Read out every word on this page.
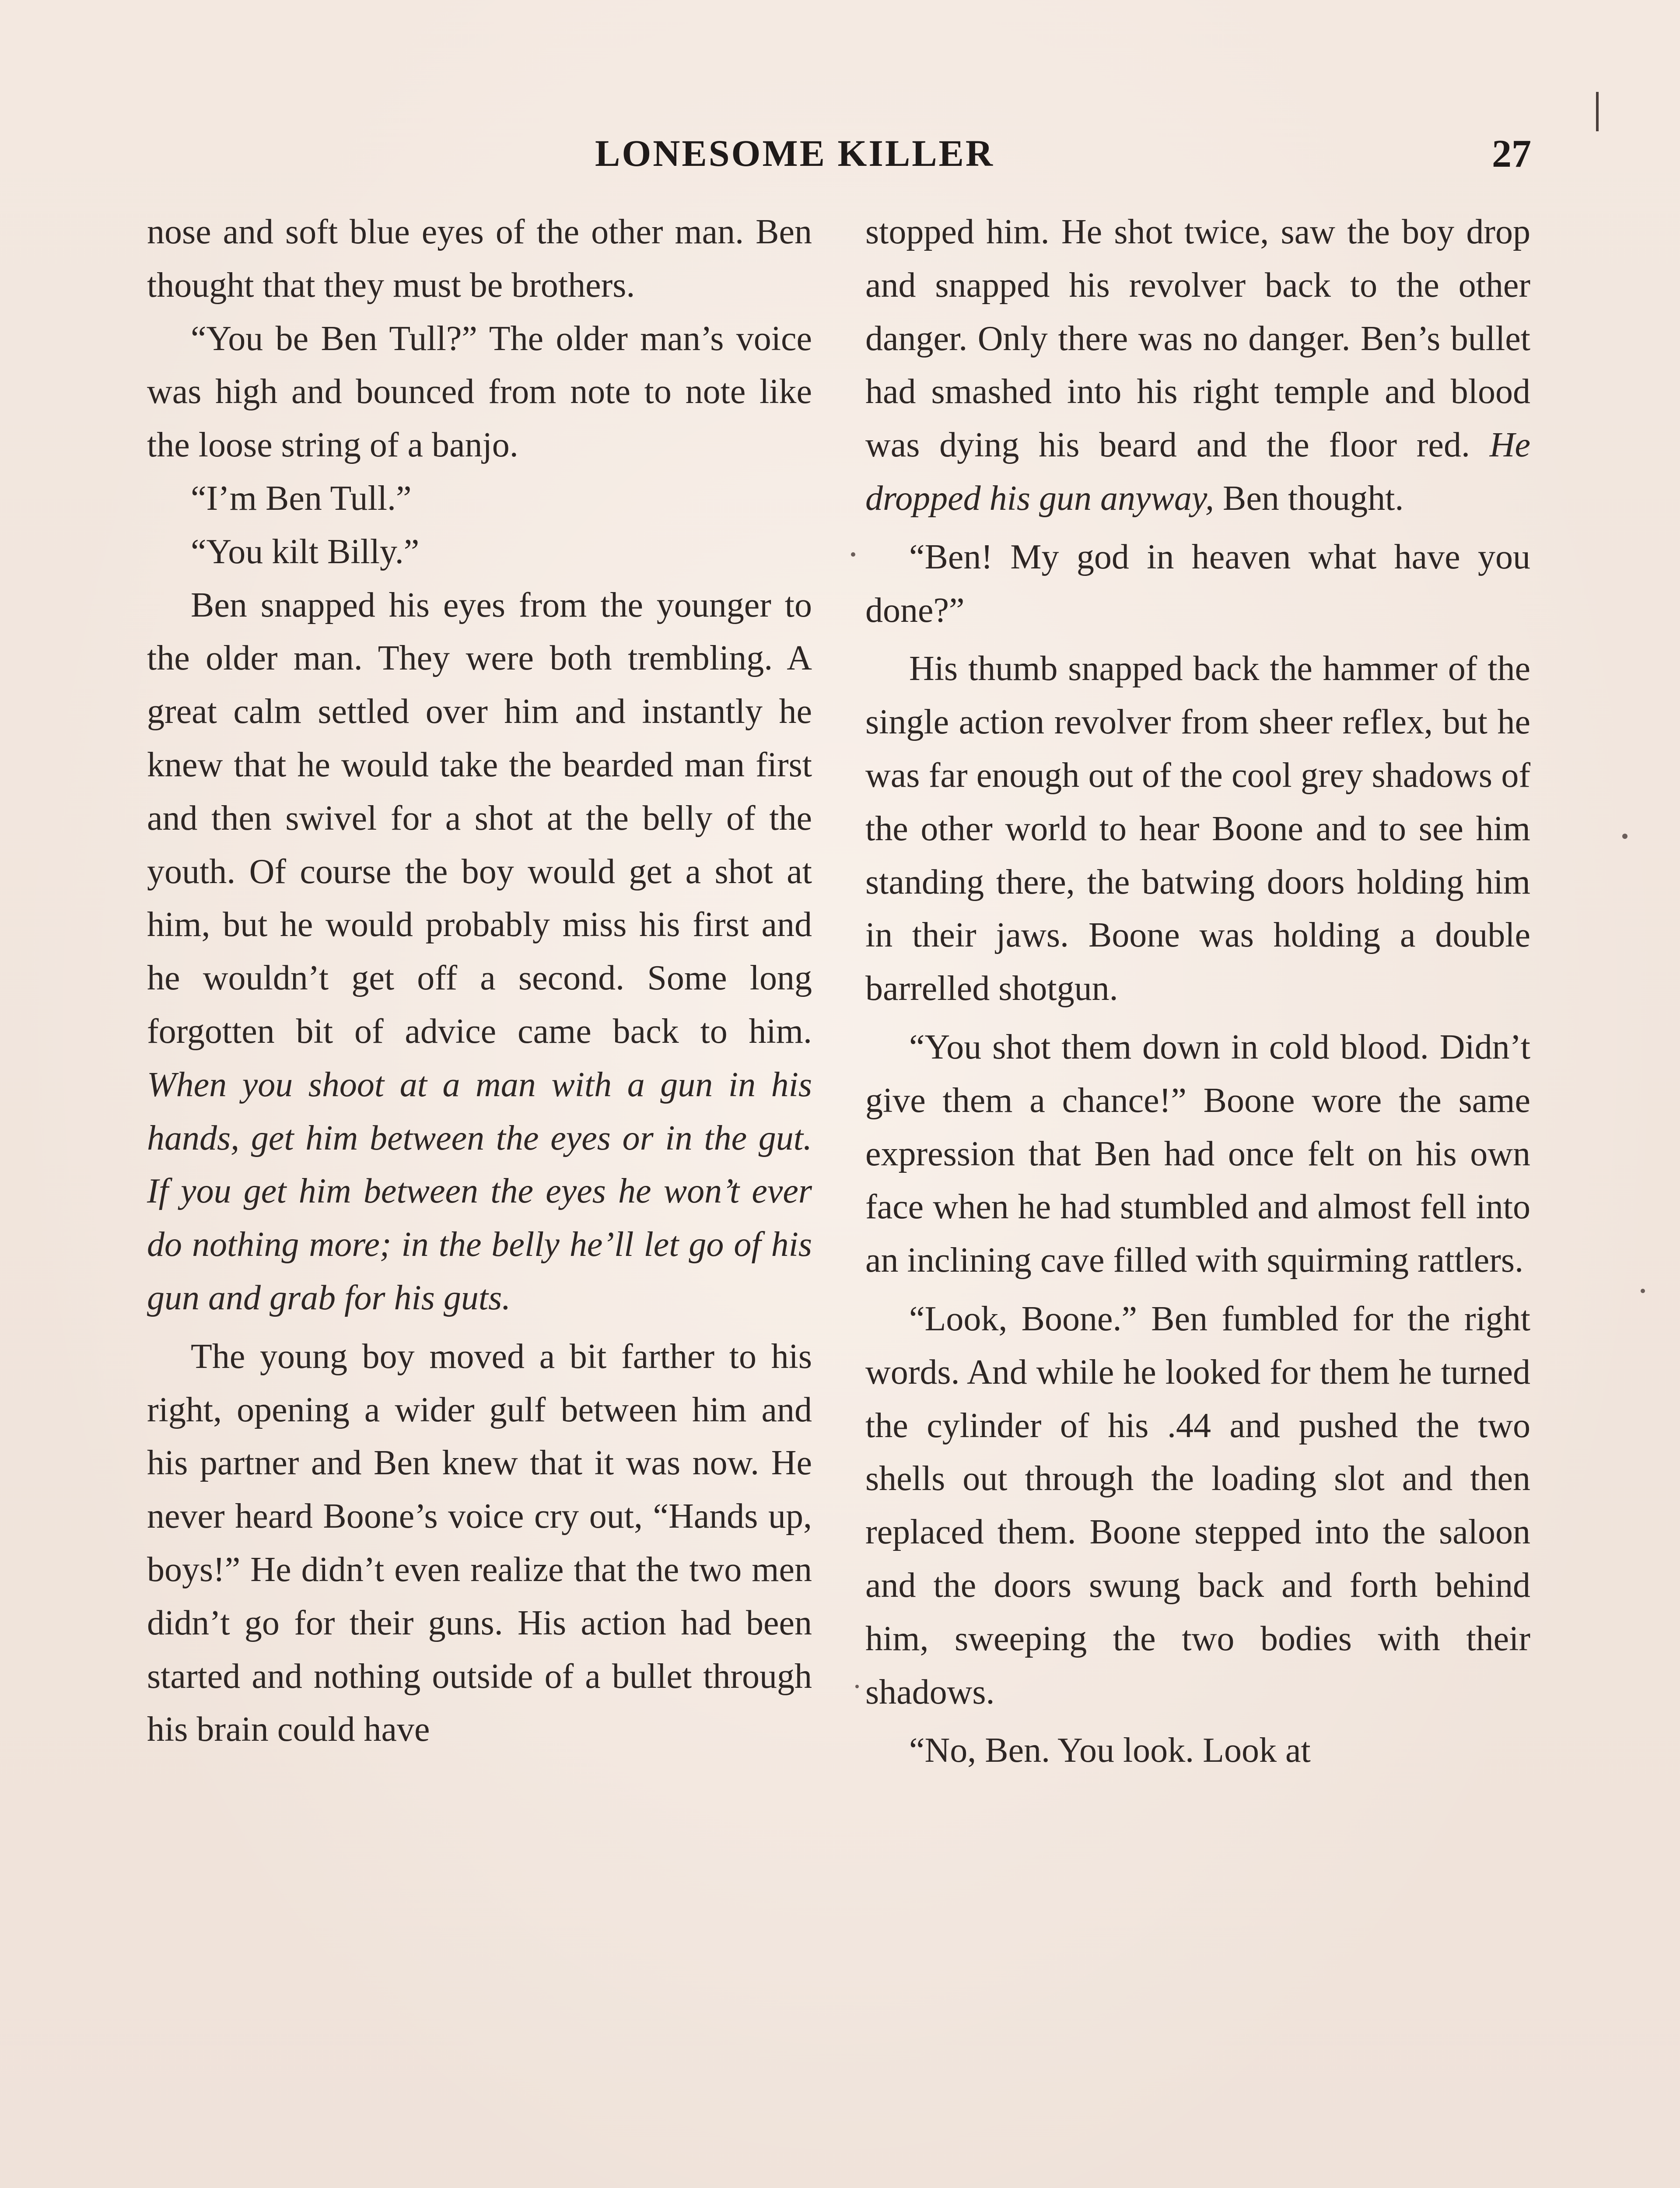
LONESOME KILLER	27

nose and soft blue eyes of the other man. Ben thought that they must be brothers.

“You be Ben Tull?” The older man’s voice was high and bounced from note to note like the loose string of a banjo.

“I’m Ben Tull.”

“You kilt Billy.”

Ben snapped his eyes from the younger to the older man. They were both trembling. A great calm settled over him and instantly he knew that he would take the bearded man first and then swivel for a shot at the belly of the youth. Of course the boy would get a shot at him, but he would probably miss his first and he wouldn’t get off a second. Some long forgotten bit of advice came back to him. When you shoot at a man with a gun in his hands, get him between the eyes or in the gut. If you get him between the eyes he won’t ever do nothing more; in the belly he’ll let go of his gun and grab for his guts.

The young boy moved a bit farther to his right, opening a wider gulf between him and his partner and Ben knew that it was now. He never heard Boone’s voice cry out, “Hands up, boys!” He didn’t even realize that the two men didn’t go for their guns. His action had been started and nothing outside of a bullet through his brain could have

stopped him. He shot twice, saw the boy drop and snapped his revolver back to the other danger. Only there was no danger. Ben’s bullet had smashed into his right temple and blood was dying his beard and the floor red. He dropped his gun anyway, Ben thought.

“Ben! My god in heaven what have you done?”

His thumb snapped back the hammer of the single action revolver from sheer reflex, but he was far enough out of the cool grey shadows of the other world to hear Boone and to see him standing there, the batwing doors holding him in their jaws. Boone was holding a double barrelled shotgun.

“You shot them down in cold blood. Didn’t give them a chance!” Boone wore the same expression that Ben had once felt on his own face when he had stumbled and almost fell into an inclining cave filled with squirming rattlers.

“Look, Boone.” Ben fumbled for the right words. And while he looked for them he turned the cylinder of his .44 and pushed the two shells out through the loading slot and then replaced them. Boone stepped into the saloon and the doors swung back and forth behind him, sweeping the two bodies with their shadows.

“No, Ben. You look. Look at
